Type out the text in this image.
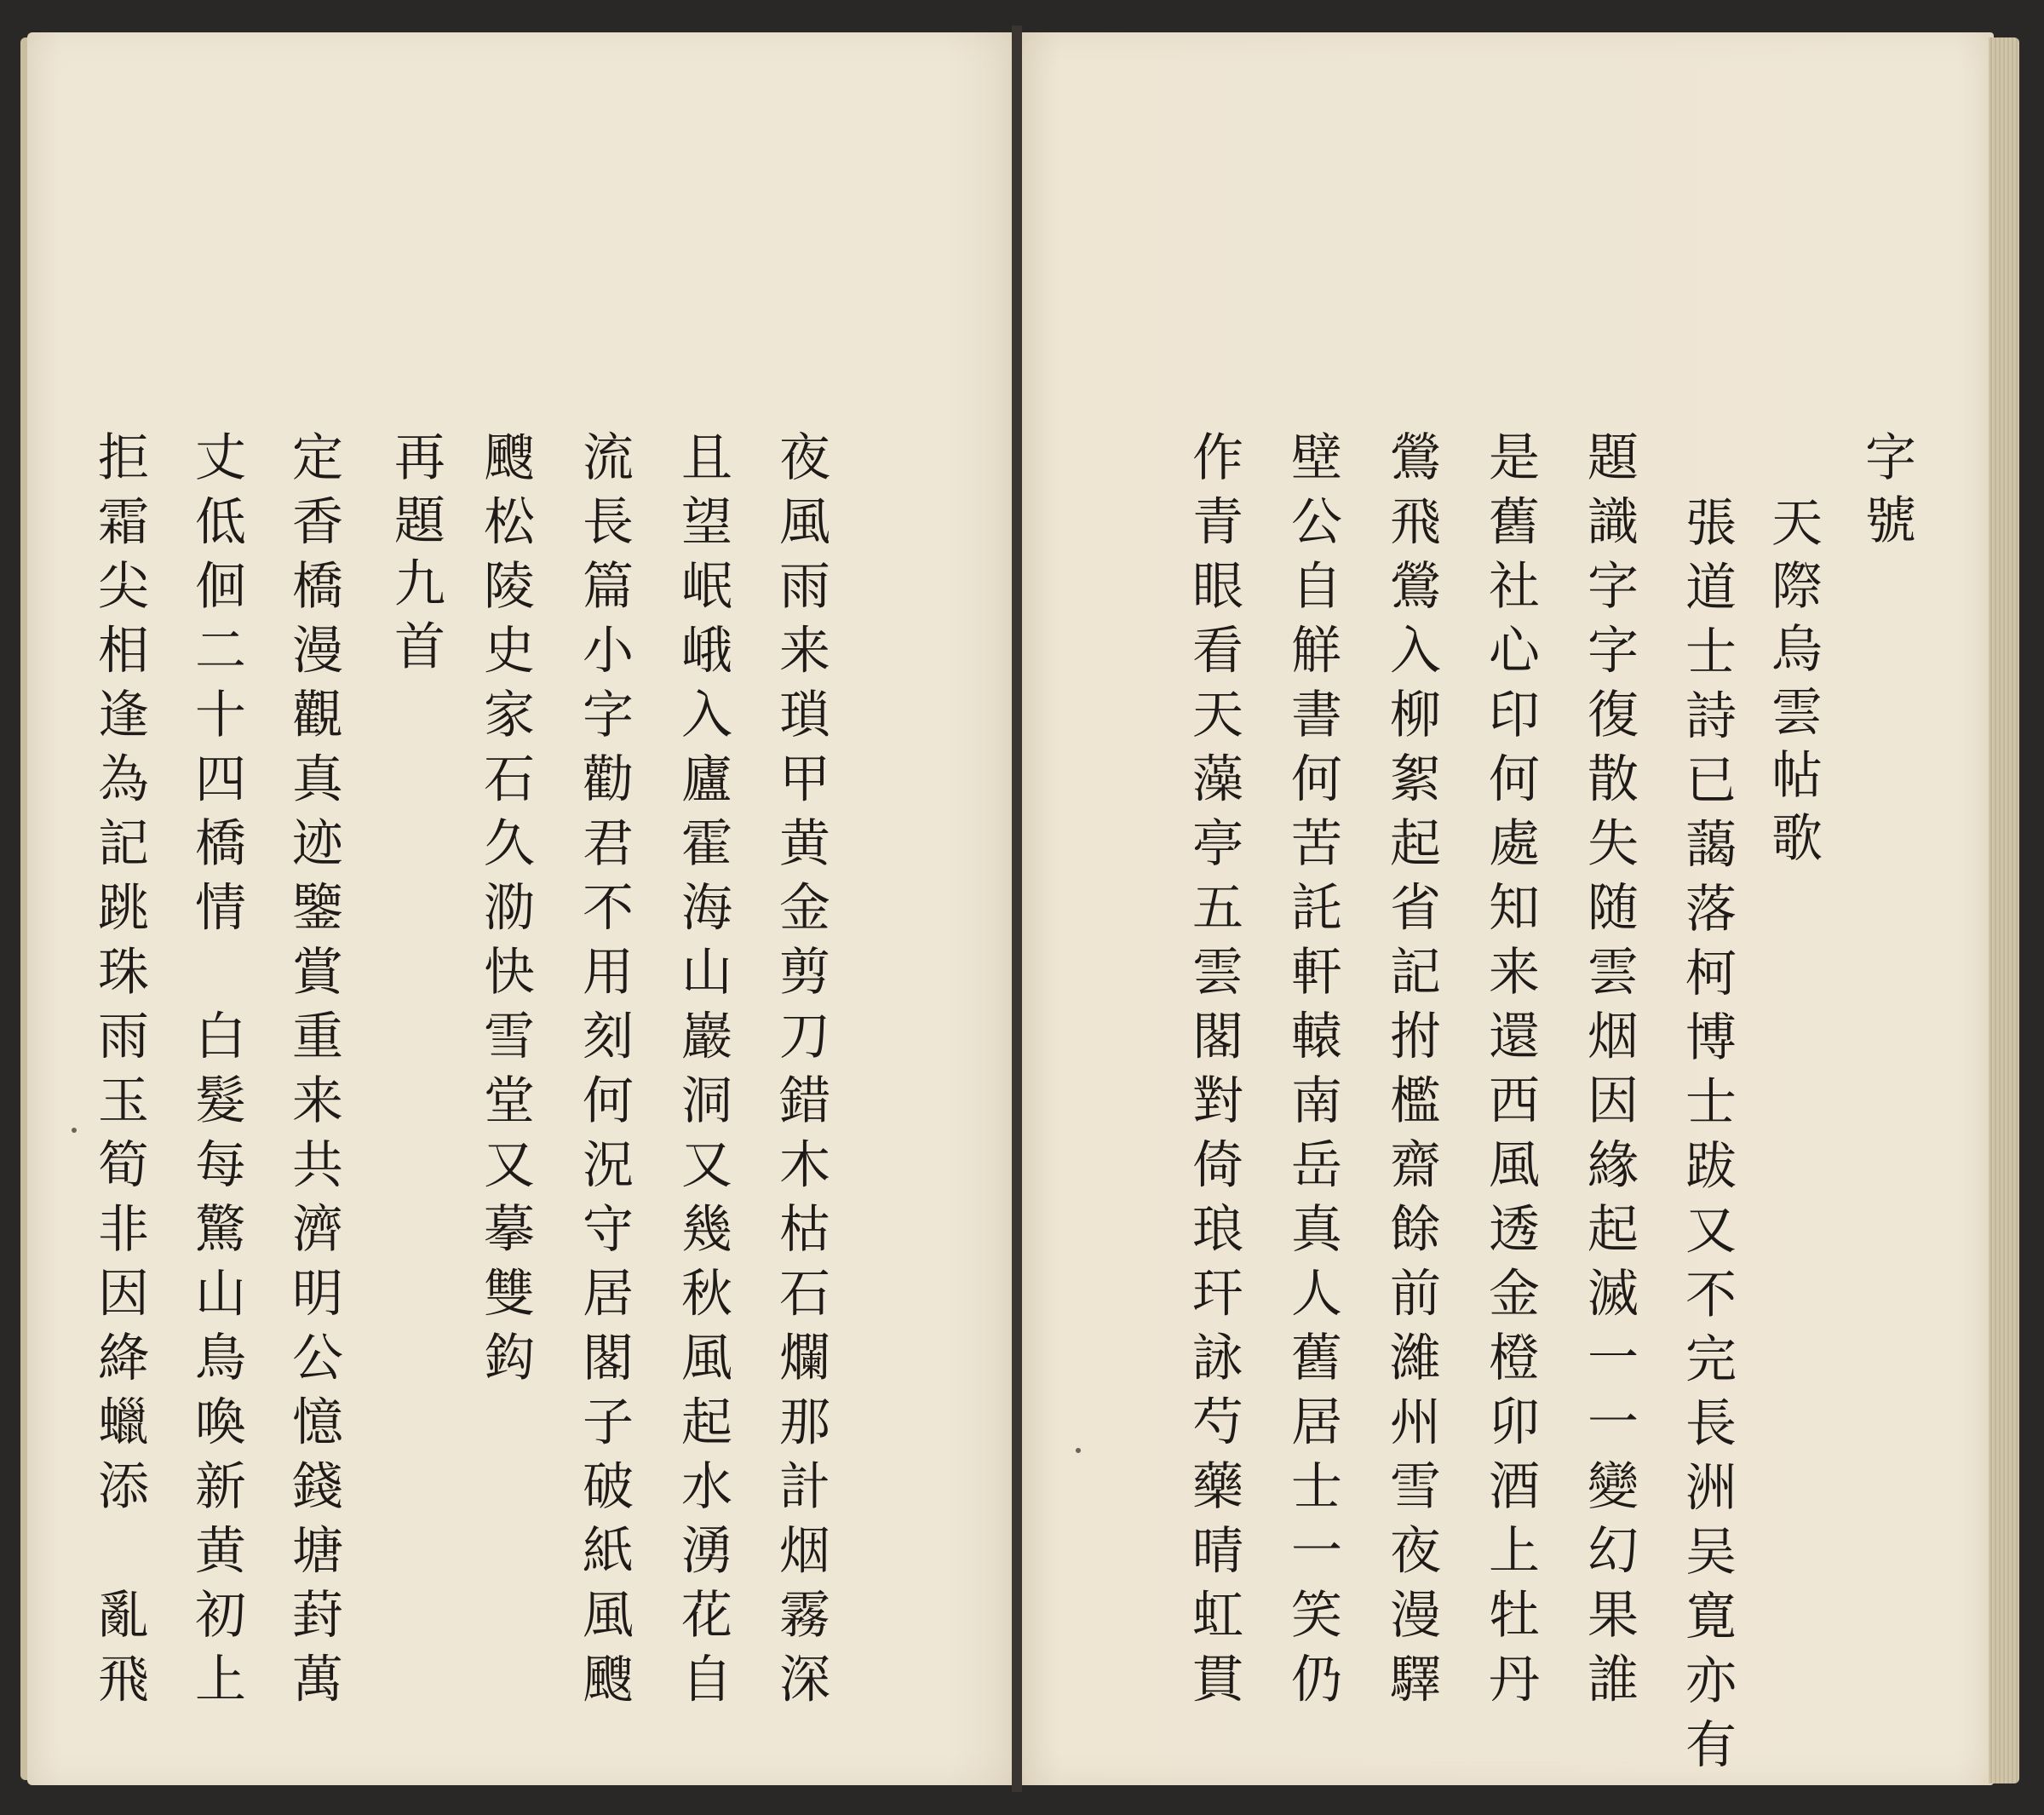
字號
天際烏雲帖歌
張道士詩已藹落柯博士跋又不完長洲吴寛亦有
題識字字復散失随雲烟因緣起滅一一變幻果誰
是舊社心印何處知来還西風透金橙卯酒上牡丹
鶯飛鶯入柳絮起省記拊檻齋餘前濰州雪夜漫驛
壁公自觧書何苦託軒轅南岳真人舊居士一笑仍
作青眼看天藻亭五雲閣對倚琅玕詠芍藥晴虹貫
夜風雨来瑣甲黄金剪刀錯木枯石爛那計烟霧深
且望岷峨入廬霍海山巖洞又幾秋風起水湧花自
流長篇小字勸君不用刻何況守居閣子破紙風颼
颼松陵史家石久泐快雪堂又摹雙鈎
再題九首
定香橋漫觀真迹鑒賞重来共濟明公憶錢塘葑萬
丈低佪二十四橋情　白髮每驚山鳥喚新黄初上
拒霜尖相逢為記跳珠雨玉筍非因絳蠟添　亂飛
